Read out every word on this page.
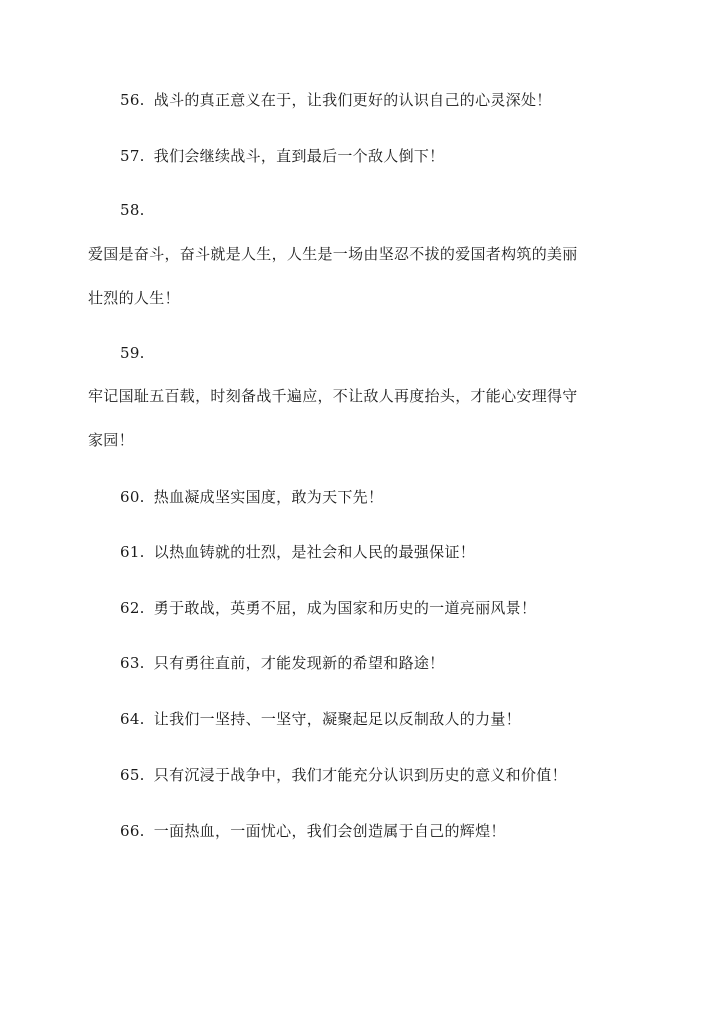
56. 战斗的真正意义在于，让我们更好的认识自己的心灵深处！
57. 我们会继续战斗，直到最后一个敌人倒下！
58.
爱国是奋斗，奋斗就是人生，人生是一场由坚忍不拔的爱国者构筑的美丽
壮烈的人生！
59.
牢记国耻五百载，时刻备战千遍应，不让敌人再度抬头，才能心安理得守
家园！
60. 热血凝成坚实国度，敢为天下先！
61. 以热血铸就的壮烈，是社会和人民的最强保证！
62. 勇于敢战，英勇不屈，成为国家和历史的一道亮丽风景！
63. 只有勇往直前，才能发现新的希望和路途！
64. 让我们一坚持、一坚守，凝聚起足以反制敌人的力量！
65. 只有沉浸于战争中，我们才能充分认识到历史的意义和价值！
66. 一面热血，一面忧心，我们会创造属于自己的辉煌！
